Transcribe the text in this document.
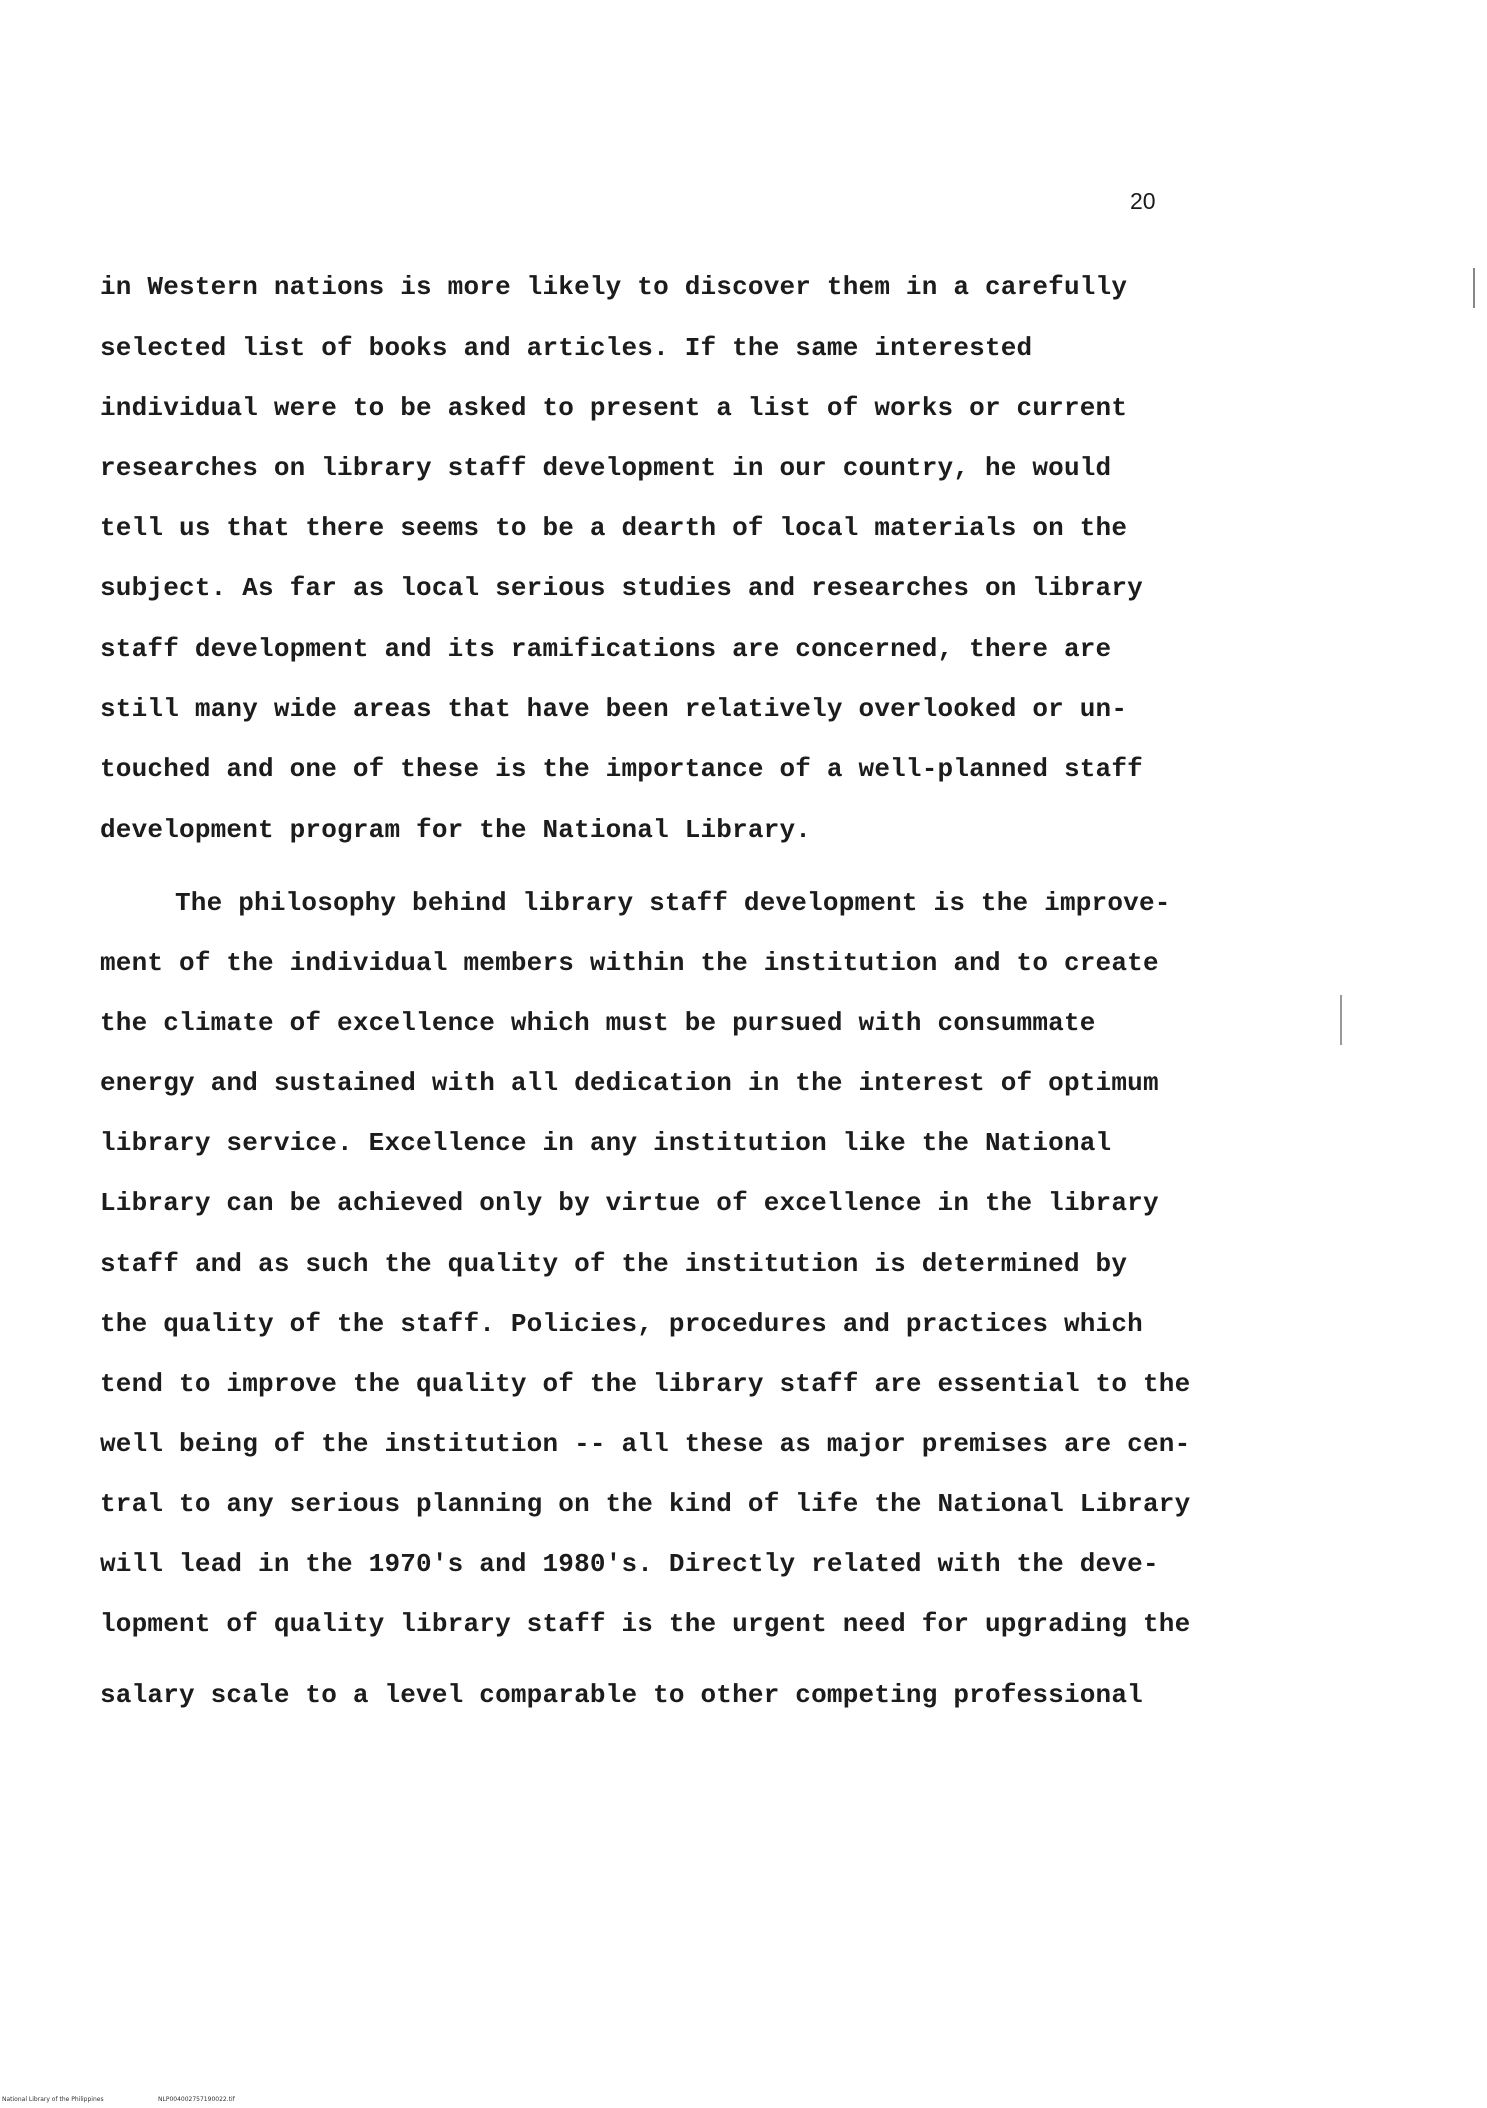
20
in Western nations is more likely to discover them in a carefully
selected list of books and articles. If the same interested
individual were to be asked to present a list of works or current
researches on library staff development in our country, he would
tell us that there seems to be a dearth of local materials on the
subject. As far as local serious studies and researches on library
staff development and its ramifications are concerned, there are
still many wide areas that have been relatively overlooked or un-
touched and one of these is the importance of a well-planned staff
development program for the National Library.
The philosophy behind library staff development is the improve-
ment of the individual members within the institution and to create
the climate of excellence which must be pursued with consummate
energy and sustained with all dedication in the interest of optimum
library service. Excellence in any institution like the National
Library can be achieved only by virtue of excellence in the library
staff and as such the quality of the institution is determined by
the quality of the staff. Policies, procedures and practices which
tend to improve the quality of the library staff are essential to the
well being of the institution -- all these as major premises are cen-
tral to any serious planning on the kind of life the National Library
will lead in the 1970's and 1980's. Directly related with the deve-
lopment of quality library staff is the urgent need for upgrading the
salary scale to a level comparable to other competing professional
National Library of the Philippines	NLP004002757190022.tif
